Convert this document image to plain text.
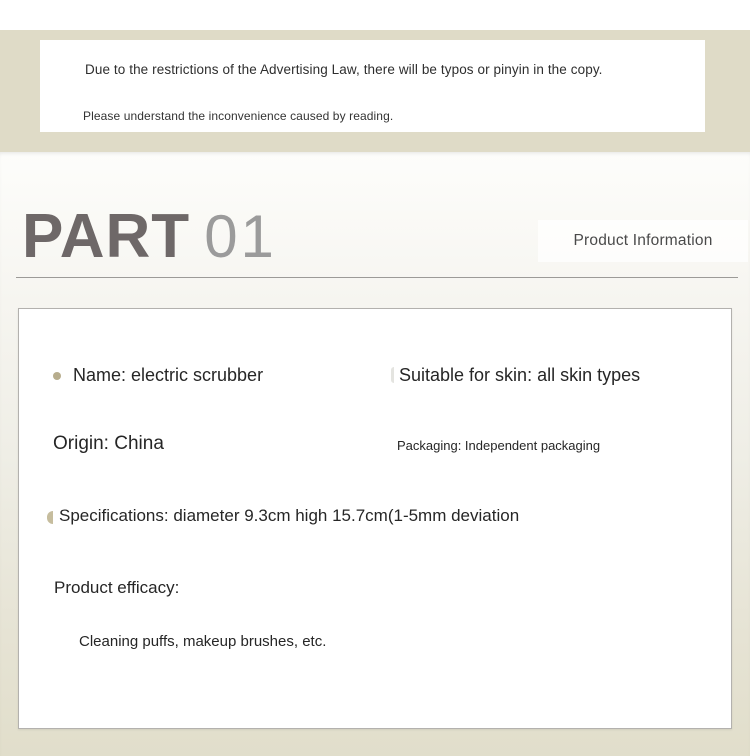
Due to the restrictions of the Advertising Law, there will be typos or pinyin in the copy.
Please understand the inconvenience caused by reading.
PART 01	Product Information
Name: electric scrubber	Suitable for skin: all skin types
Origin: China	Packaging: Independent packaging
Specifications: diameter 9.3cm high 15.7cm(1-5mm deviation
Product efficacy:
Cleaning puffs, makeup brushes, etc.
